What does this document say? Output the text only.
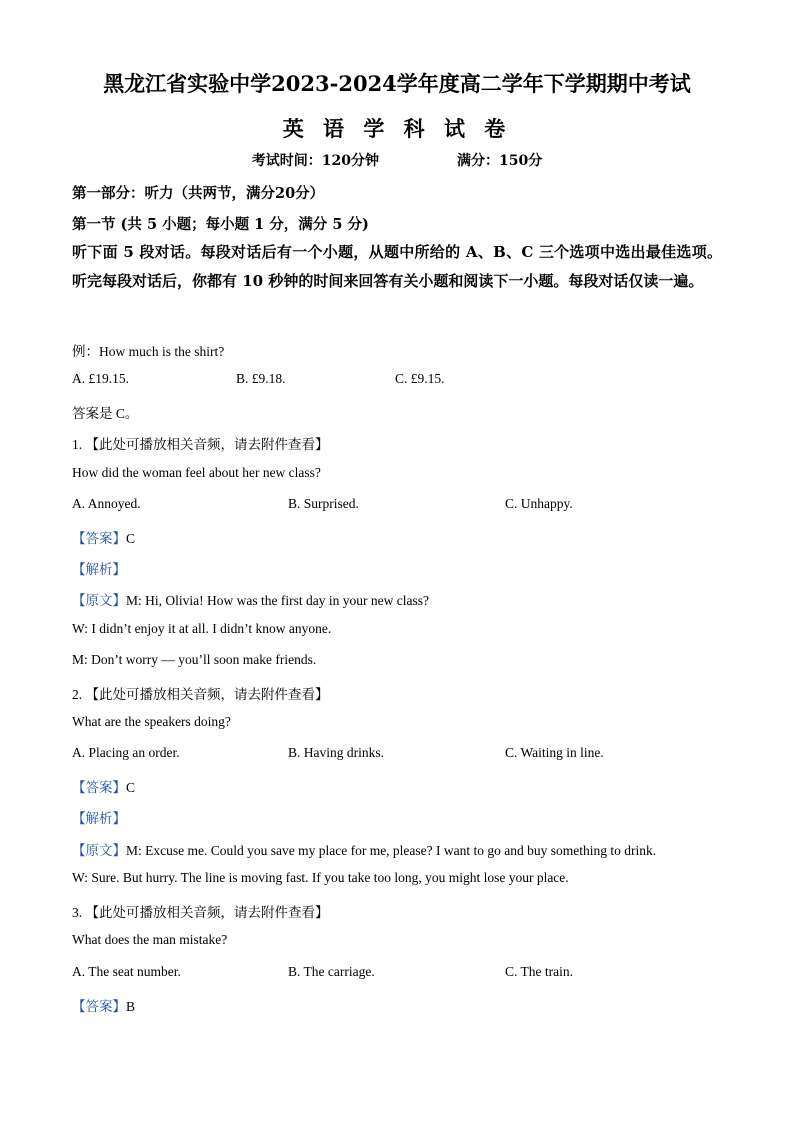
黑龙江省实验中学2023-2024学年度高二学年下学期期中考试
英 语 学 科 试 卷
考试时间：120分钟	满分：150分
第一部分：听力（共两节，满分20分）
第一节 (共 5 小题；每小题 1 分，满分 5 分)
听下面 5 段对话。每段对话后有一个小题，从题中所给的 A、B、C 三个选项中选出最佳选项。听完每段对话后，你都有 10 秒钟的时间来回答有关小题和阅读下一小题。每段对话仅读一遍。
例：How much is the shirt?
A. £19.15.	B. £9.18.	C. £9.15.
答案是 C。
1. 【此处可播放相关音频，请去附件查看】
How did the woman feel about her new class?
A. Annoyed.	B. Surprised.	C. Unhappy.
【答案】C
【解析】
【原文】M: Hi, Olivia! How was the first day in your new class?
W: I didn’t enjoy it at all. I didn’t know anyone.
M: Don’t worry — you’ll soon make friends.
2. 【此处可播放相关音频，请去附件查看】
What are the speakers doing?
A. Placing an order.	B. Having drinks.	C. Waiting in line.
【答案】C
【解析】
【原文】M: Excuse me. Could you save my place for me, please? I want to go and buy something to drink.
W: Sure. But hurry. The line is moving fast. If you take too long, you might lose your place.
3. 【此处可播放相关音频，请去附件查看】
What does the man mistake?
A. The seat number.	B. The carriage.	C. The train.
【答案】B
